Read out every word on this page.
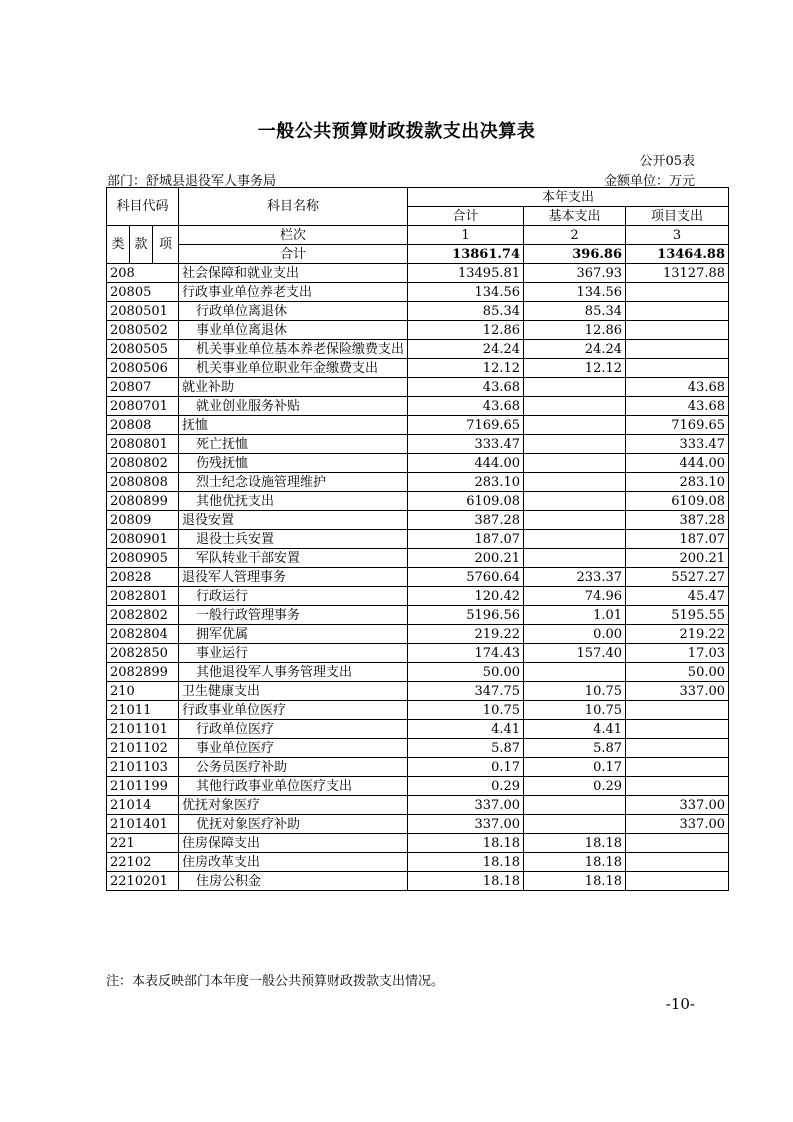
一般公共预算财政拨款支出决算表
公开05表
部门：舒城县退役军人事务局	金额单位：万元
科目代码			科目名称	本年支出		
				合计	基本支出	项目支出
类	款	项	栏次	1	2	3
			合计	13861.74	396.86	13464.88
208			社会保障和就业支出	13495.81	367.93	13127.88
20805			行政事业单位养老支出	134.56	134.56	
2080501			行政单位离退休	85.34	85.34	
2080502			事业单位离退休	12.86	12.86	
2080505			机关事业单位基本养老保险缴费支出	24.24	24.24	
2080506			机关事业单位职业年金缴费支出	12.12	12.12	
20807			就业补助	43.68		43.68
2080701			就业创业服务补贴	43.68		43.68
20808			抚恤	7169.65		7169.65
2080801			死亡抚恤	333.47		333.47
2080802			伤残抚恤	444.00		444.00
2080808			烈士纪念设施管理维护	283.10		283.10
2080899			其他优抚支出	6109.08		6109.08
20809			退役安置	387.28		387.28
2080901			退役士兵安置	187.07		187.07
2080905			军队转业干部安置	200.21		200.21
20828			退役军人管理事务	5760.64	233.37	5527.27
2082801			行政运行	120.42	74.96	45.47
2082802			一般行政管理事务	5196.56	1.01	5195.55
2082804			拥军优属	219.22	0.00	219.22
2082850			事业运行	174.43	157.40	17.03
2082899			其他退役军人事务管理支出	50.00		50.00
210			卫生健康支出	347.75	10.75	337.00
21011			行政事业单位医疗	10.75	10.75	
2101101			行政单位医疗	4.41	4.41	
2101102			事业单位医疗	5.87	5.87	
2101103			公务员医疗补助	0.17	0.17	
2101199			其他行政事业单位医疗支出	0.29	0.29	
21014			优抚对象医疗	337.00		337.00
2101401			优抚对象医疗补助	337.00		337.00
221			住房保障支出	18.18	18.18	
22102			住房改革支出	18.18	18.18	
2210201			住房公积金	18.18	18.18	
注：本表反映部门本年度一般公共预算财政拨款支出情况。
-10-
